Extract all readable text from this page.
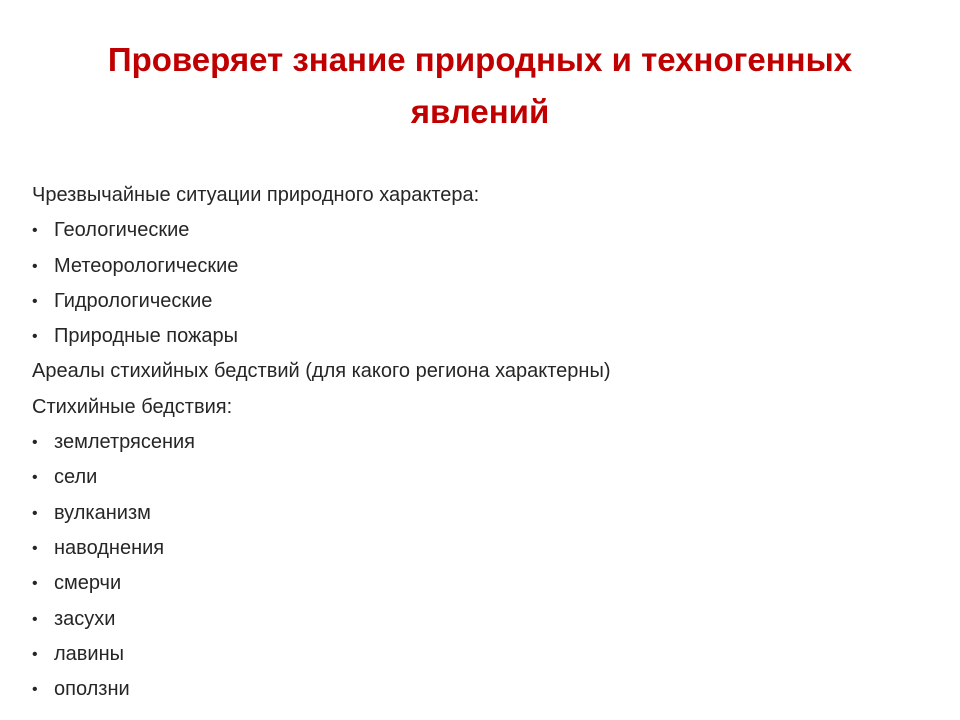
Проверяет знание природных и техногенных явлений
Чрезвычайные ситуации природного характера:
• Геологические
• Метеорологические
• Гидрологические
• Природные пожары
Ареалы стихийных бедствий (для какого региона характерны)
Стихийные бедствия:
• землетрясения
• сели
• вулканизм
• наводнения
• смерчи
• засухи
• лавины
• оползни
